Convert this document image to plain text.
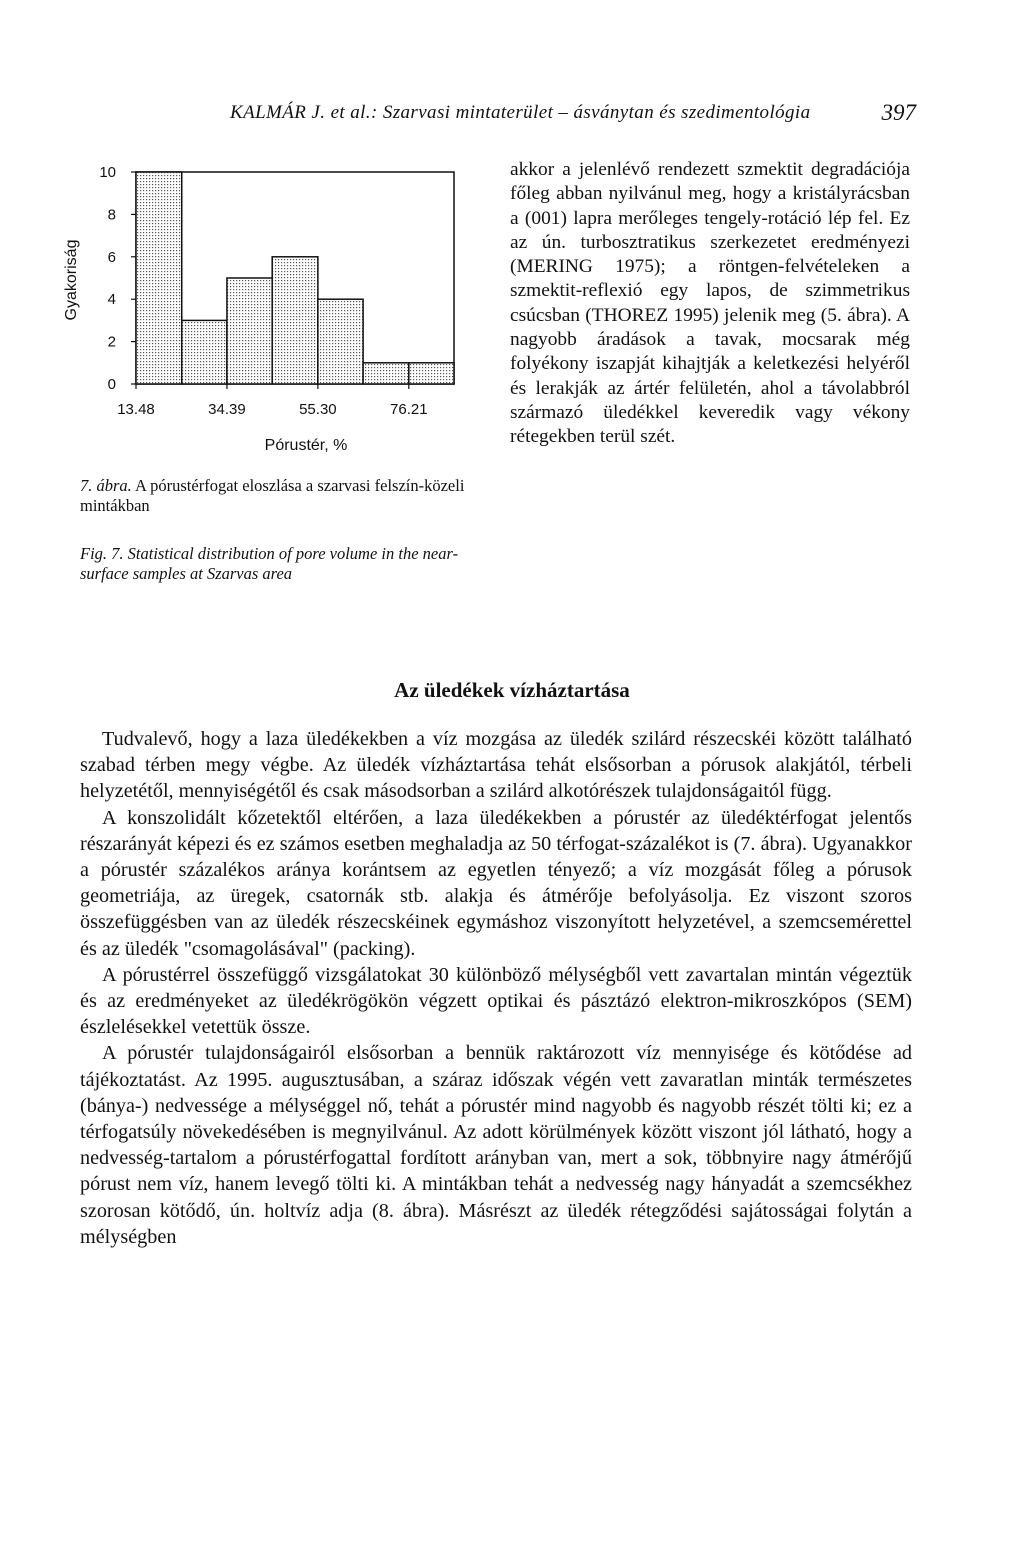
KALMÁR J. et al.: Szarvasi mintaterület – ásványtan és szedimentológia	397
0
2
4
6
8
10
13.48	34.39	55.30	76.21
Gyakoriság
Pórustér, %
7. ábra. A pórustérfogat eloszlása a szarvasi felszín-közeli mintákban
Fig. 7. Statistical distribution of pore volume in the near-surface samples at Szarvas area

akkor a jelenlévő rendezett szmektit degradációja főleg abban nyilvánul meg, hogy a kristályrácsban a (001) lapra merőleges tengely-rotáció lép fel. Ez az ún. turbosztratikus szerkezetet eredményezi (MERING 1975); a röntgen-felvételeken a szmektit-reflexió egy lapos, de szimmetrikus csúcsban (THOREZ 1995) jelenik meg (5. ábra). A nagyobb áradások a tavak, mocsarak még folyékony iszapját kihajtják a keletkezési helyéről és lerakják az ártér felületén, ahol a távolabbról származó üledékkel keveredik vagy vékony rétegekben terül szét.

Az üledékek vízháztartása

Tudvalevő, hogy a laza üledékekben a víz mozgása az üledék szilárd részecskéi között található szabad térben megy végbe. Az üledék vízháztartása tehát elsősorban a pórusok alakjától, térbeli helyzetétől, mennyiségétől és csak másodsorban a szilárd alkotórészek tulajdonságaitól függ.

A konszolidált kőzetektől eltérően, a laza üledékekben a pórustér az üledéktérfogat jelentős részarányát képezi és ez számos esetben meghaladja az 50 térfogat-százalékot is (7. ábra). Ugyanakkor a pórustér százalékos aránya korántsem az egyetlen tényező; a víz mozgását főleg a pórusok geometriája, az üregek, csatornák stb. alakja és átmérője befolyásolja. Ez viszont szoros összefüggésben van az üledék részecskéinek egymáshoz viszonyított helyzetével, a szemcsemérettel és az üledék "csomagolásával" (packing).

A pórustérrel összefüggő vizsgálatokat 30 különböző mélységből vett zavartalan mintán végeztük és az eredményeket az üledékrögökön végzett optikai és pásztázó elektron-mikroszkópos (SEM) észlelésekkel vetettük össze.

A pórustér tulajdonságairól elsősorban a bennük raktározott víz mennyisége és kötődése ad tájékoztatást. Az 1995. augusztusában, a száraz időszak végén vett zavaratlan minták természetes (bánya-) nedvessége a mélységgel nő, tehát a pórustér mind nagyobb és nagyobb részét tölti ki; ez a térfogatsúly növekedésében is megnyilvánul. Az adott körülmények között viszont jól látható, hogy a nedvesség-tartalom a pórustérfogattal fordított arányban van, mert a sok, többnyire nagy átmérőjű pórust nem víz, hanem levegő tölti ki. A mintákban tehát a nedvesség nagy hányadát a szemcsékhez szorosan kötődő, ún. holtvíz adja (8. ábra). Másrészt az üledék rétegződési sajátosságai folytán a mélységben
